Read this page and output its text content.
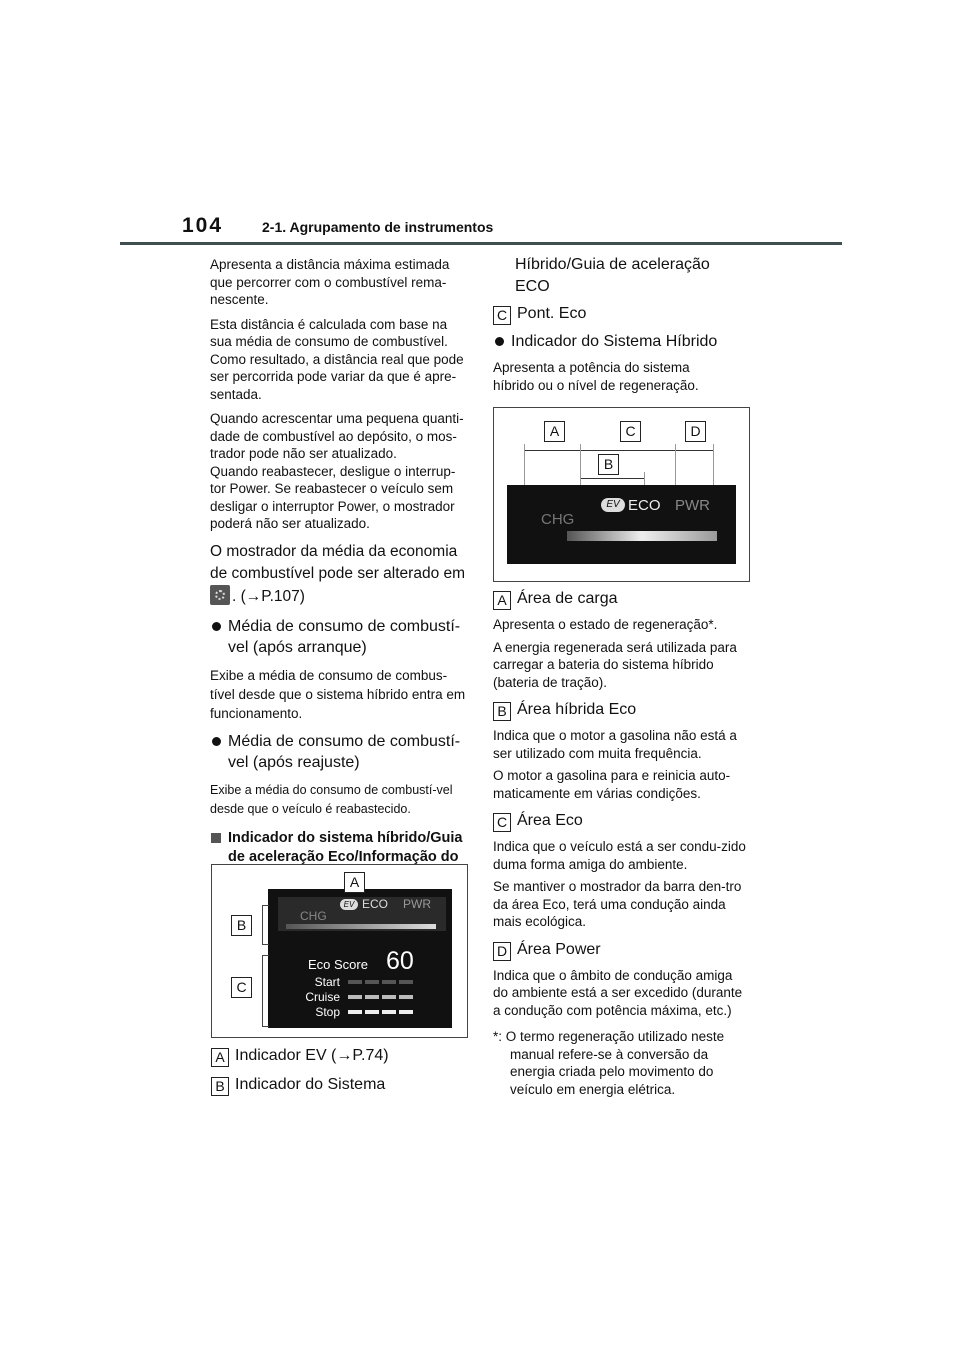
104	2-1. Agrupamento de instrumentos
Apresenta a distância máxima estimada que percorrer com o combustível rema-nescente.
Esta distância é calculada com base na sua média de consumo de combustível. Como resultado, a distância real que pode ser percorrida pode variar da que é apre-sentada.
Quando acrescentar uma pequena quanti-dade de combustível ao depósito, o mos-trador pode não ser atualizado.
Quando reabastecer, desligue o interrup-tor Power. Se reabastecer o veículo sem desligar o interruptor Power, o mostrador poderá não ser atualizado.
O mostrador da média da economia de combustível pode ser alterado em
. (→P.107)
Média de consumo de combustí-vel (após arranque)
Exibe a média de consumo de combus-tível desde que o sistema híbrido entra em funcionamento.
Média de consumo de combustí-vel (após reajuste)
Exibe a média do consumo de combustí-vel desde que o veículo é reabastecido.
Indicador do sistema híbrido/Guia de aceleração Eco/Informação do
EV ECO PWR
CHG
Eco Score 60
Start
Cruise
Stop
A
B
C
A Indicador EV (→P.74)
B Indicador do Sistema
Híbrido/Guia de aceleração ECO
C Pont. Eco
Indicador do Sistema Híbrido
Apresenta a potência do sistema híbrido ou o nível de regeneração.
A	C	D
B
CHG
EV ECO PWR
A Área de carga
Apresenta o estado de regeneração*.
A energia regenerada será utilizada para carregar a bateria do sistema híbrido (bateria de tração).
B Área híbrida Eco
Indica que o motor a gasolina não está a ser utilizado com muita frequência.
O motor a gasolina para e reinicia auto-maticamente em várias condições.
C Área Eco
Indica que o veículo está a ser condu-zido duma forma amiga do ambiente.
Se mantiver o mostrador da barra den-tro da área Eco, terá uma condução ainda mais ecológica.
D Área Power
Indica que o âmbito de condução amiga do ambiente está a ser excedido (durante a condução com potência máxima, etc.)
*: O termo regeneração utilizado neste manual refere-se à conversão da energia criada pelo movimento do veículo em energia elétrica.
